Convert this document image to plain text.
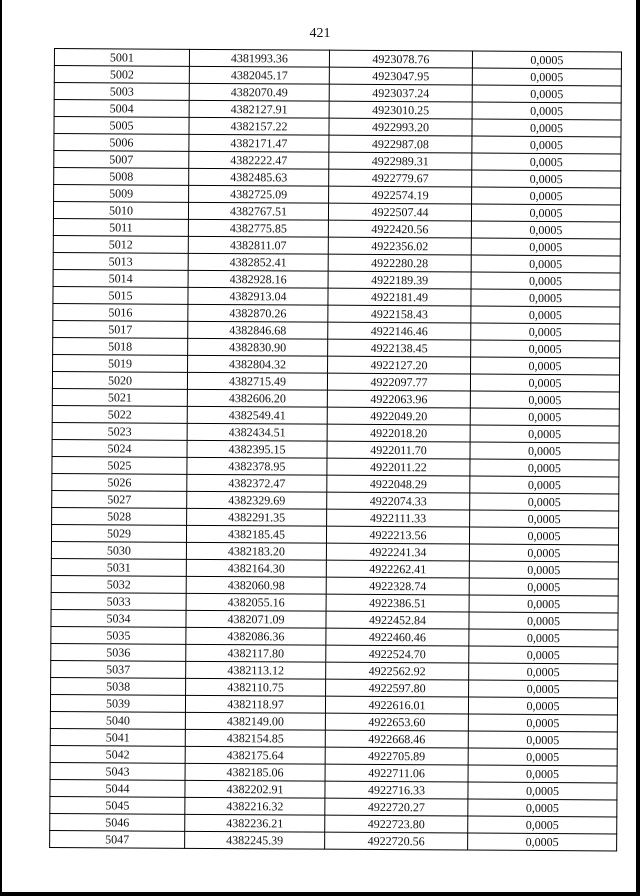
421
5001	4381993.36	4923078.76	0,0005
5002	4382045.17	4923047.95	0,0005
5003	4382070.49	4923037.24	0,0005
5004	4382127.91	4923010.25	0,0005
5005	4382157.22	4922993.20	0,0005
5006	4382171.47	4922987.08	0,0005
5007	4382222.47	4922989.31	0,0005
5008	4382485.63	4922779.67	0,0005
5009	4382725.09	4922574.19	0,0005
5010	4382767.51	4922507.44	0,0005
5011	4382775.85	4922420.56	0,0005
5012	4382811.07	4922356.02	0,0005
5013	4382852.41	4922280.28	0,0005
5014	4382928.16	4922189.39	0,0005
5015	4382913.04	4922181.49	0,0005
5016	4382870.26	4922158.43	0,0005
5017	4382846.68	4922146.46	0,0005
5018	4382830.90	4922138.45	0,0005
5019	4382804.32	4922127.20	0,0005
5020	4382715.49	4922097.77	0,0005
5021	4382606.20	4922063.96	0,0005
5022	4382549.41	4922049.20	0,0005
5023	4382434.51	4922018.20	0,0005
5024	4382395.15	4922011.70	0,0005
5025	4382378.95	4922011.22	0,0005
5026	4382372.47	4922048.29	0,0005
5027	4382329.69	4922074.33	0,0005
5028	4382291.35	4922111.33	0,0005
5029	4382185.45	4922213.56	0,0005
5030	4382183.20	4922241.34	0,0005
5031	4382164.30	4922262.41	0,0005
5032	4382060.98	4922328.74	0,0005
5033	4382055.16	4922386.51	0,0005
5034	4382071.09	4922452.84	0,0005
5035	4382086.36	4922460.46	0,0005
5036	4382117.80	4922524.70	0,0005
5037	4382113.12	4922562.92	0,0005
5038	4382110.75	4922597.80	0,0005
5039	4382118.97	4922616.01	0,0005
5040	4382149.00	4922653.60	0,0005
5041	4382154.85	4922668.46	0,0005
5042	4382175.64	4922705.89	0,0005
5043	4382185.06	4922711.06	0,0005
5044	4382202.91	4922716.33	0,0005
5045	4382216.32	4922720.27	0,0005
5046	4382236.21	4922723.80	0,0005
5047	4382245.39	4922720.56	0,0005
